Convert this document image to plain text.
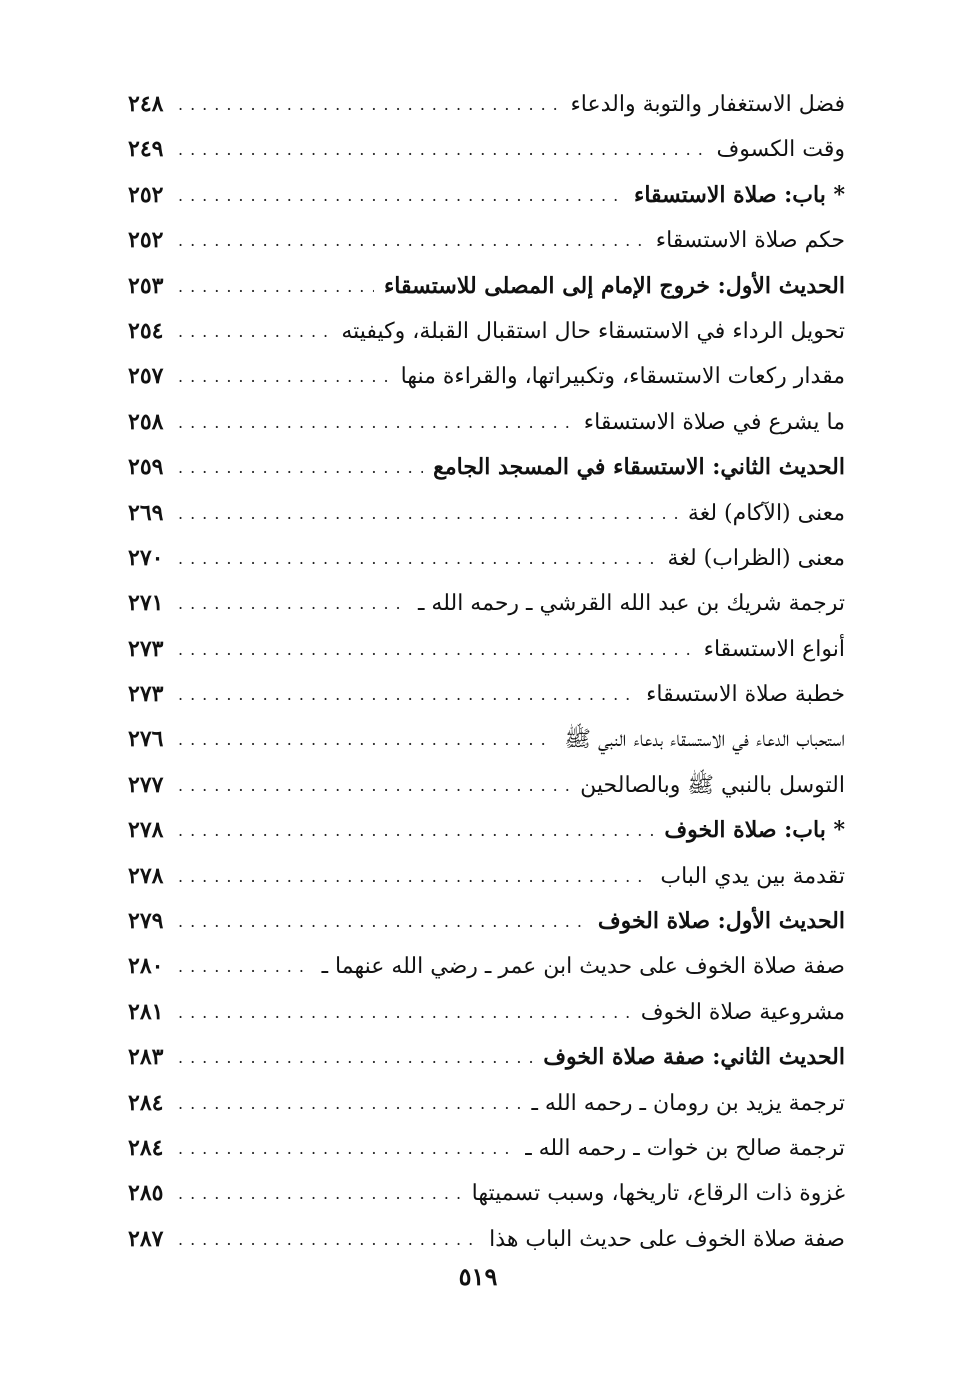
فضل الاستغفار والتوبة والدعاء
.....
٢٤٨
وقت الكسوف
.....
٢٤٩
* باب: صلاة الاستسقاء
.....
٢٥٢
حكم صلاة الاستسقاء
.....
٢٥٢
الحديث الأول: خروج الإمام إلى المصلى للاستسقاء
.....
٢٥٣
تحويل الرداء في الاستسقاء حال استقبال القبلة، وكيفيته
.....
٢٥٤
مقدار ركعات الاستسقاء، وتكبيراتها، والقراءة منها
.....
٢٥٧
ما يشرع في صلاة الاستسقاء
.....
٢٥٨
الحديث الثاني: الاستسقاء في المسجد الجامع
.....
٢٥٩
معنى (الآكام) لغة
.....
٢٦٩
معنى (الظراب) لغة
.....
٢٧٠
ترجمة شريك بن عبد الله القرشي ـ رحمه الله ـ
.....
٢٧١
أنواع الاستسقاء
.....
٢٧٣
خطبة صلاة الاستسقاء
.....
٢٧٣
استحباب الدعاء في الاستسقاء بدعاء النبي ﷺ
.....
٢٧٦
التوسل بالنبي ﷺ وبالصالحين
.....
٢٧٧
* باب: صلاة الخوف
.....
٢٧٨
تقدمة بين يدي الباب
.....
٢٧٨
الحديث الأول: صلاة الخوف
.....
٢٧٩
صفة صلاة الخوف على حديث ابن عمر ـ رضي الله عنهما ـ
.....
٢٨٠
مشروعية صلاة الخوف
.....
٢٨١
الحديث الثاني: صفة صلاة الخوف
.....
٢٨٣
ترجمة يزيد بن رومان ـ رحمه الله ـ
.....
٢٨٤
ترجمة صالح بن خوات ـ رحمه الله ـ
.....
٢٨٤
غزوة ذات الرقاع، تاريخها، وسبب تسميتها
.....
٢٨٥
صفة صلاة الخوف على حديث الباب هذا
.....
٢٨٧
٥١٩
